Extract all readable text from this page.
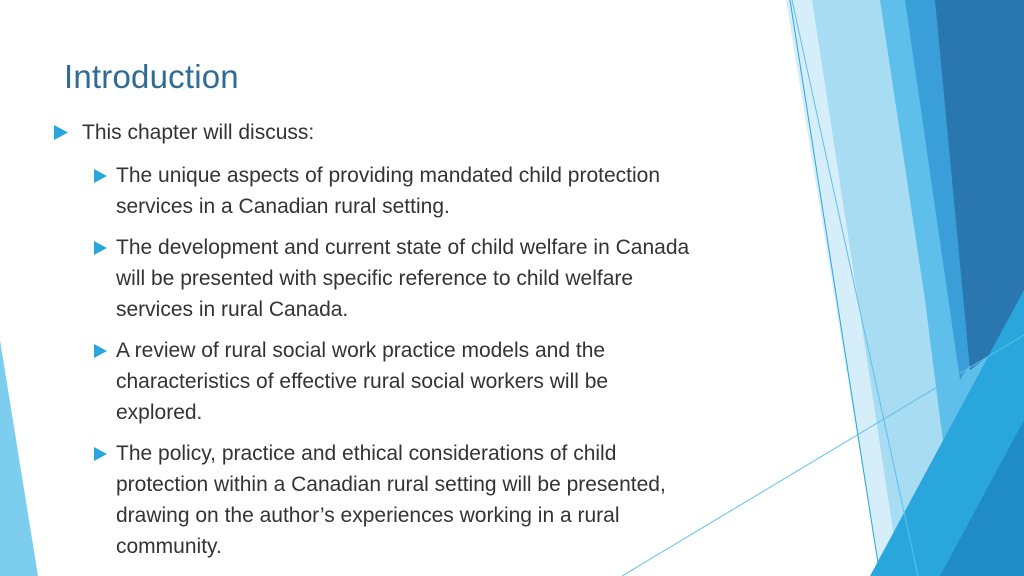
Introduction
This chapter will discuss:
The unique aspects of providing mandated child protection
services in a Canadian rural setting.
The development and current state of child welfare in Canada
will be presented with specific reference to child welfare
services in rural Canada.
A review of rural social work practice models and the
characteristics of effective rural social workers will be
explored.
The policy, practice and ethical considerations of child
protection within a Canadian rural setting will be presented,
drawing on the author’s experiences working in a rural
community.
